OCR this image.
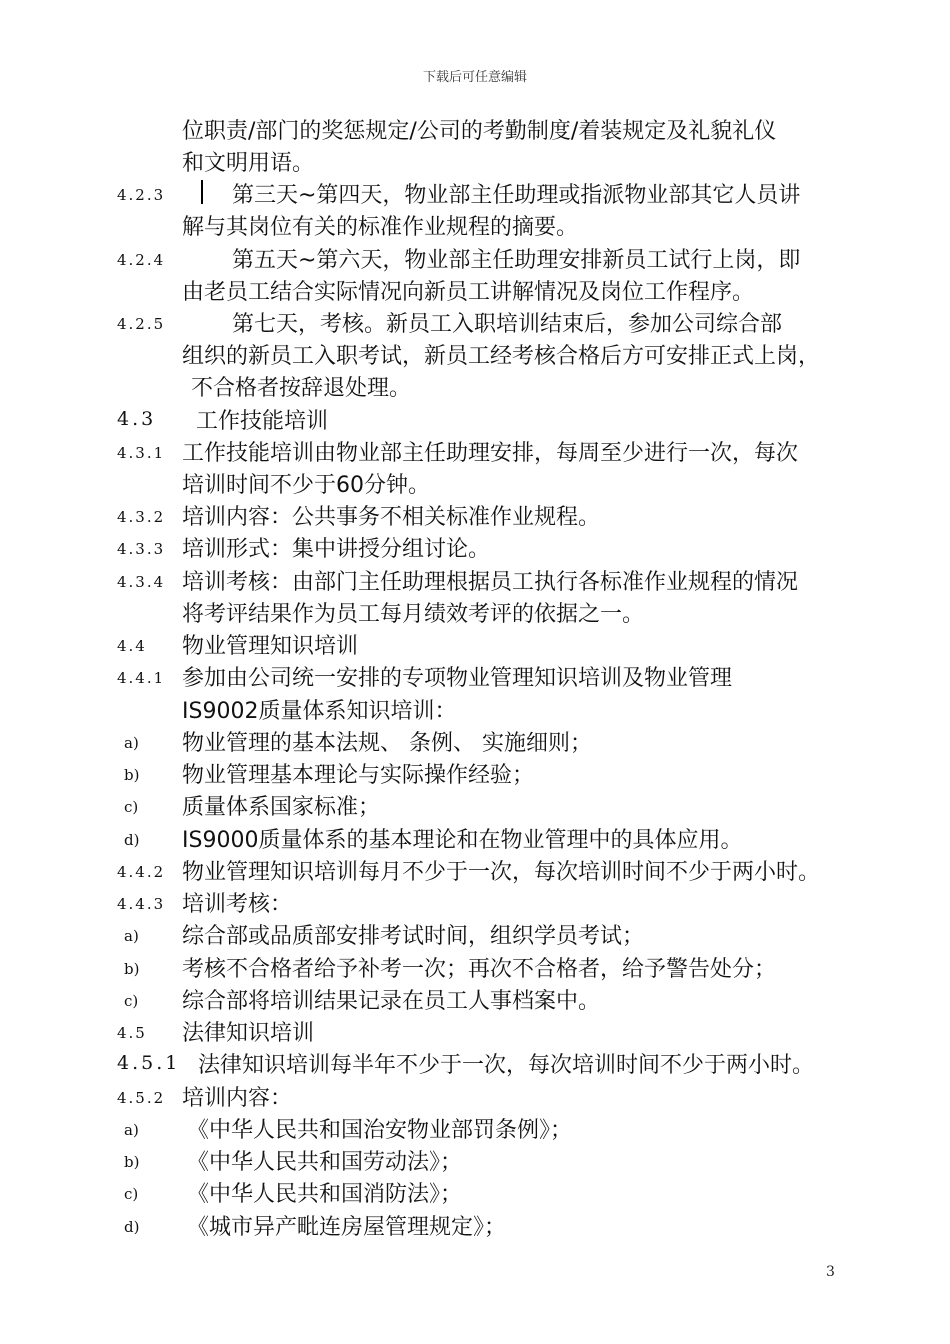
下载后可任意编辑
位职责/部门的奖惩规定/公司的考勤制度/着装规定及礼貌礼仪
和文明用语。
4.2.3	第三天~第四天，物业部主任助理或指派物业部其它人员讲
解与其岗位有关的标准作业规程的摘要。
4.2.4	第五天~第六天，物业部主任助理安排新员工试行上岗，即
由老员工结合实际情况向新员工讲解情况及岗位工作程序。
4.2.5	第七天，考核。新员工入职培训结束后，参加公司综合部
组织的新员工入职考试，新员工经考核合格后方可安排正式上岗，
不合格者按辞退处理。
4.3 工作技能培训
4.3.1 工作技能培训由物业部主任助理安排，每周至少进行一次，每次
培训时间不少于60分钟。
4.3.2 培训内容：公共事务不相关标准作业规程。
4.3.3 培训形式：集中讲授分组讨论。
4.3.4 培训考核：由部门主任助理根据员工执行各标准作业规程的情况
将考评结果作为员工每月绩效考评的依据之一。
4.4 物业管理知识培训
4.4.1 参加由公司统一安排的专项物业管理知识培训及物业管理
IS9002质量体系知识培训：
a) 物业管理的基本法规、 条例、 实施细则；
b) 物业管理基本理论与实际操作经验；
c) 质量体系国家标准；
d) IS9000质量体系的基本理论和在物业管理中的具体应用。
4.4.2 物业管理知识培训每月不少于一次，每次培训时间不少于两小时。
4.4.3 培训考核：
a) 综合部或品质部安排考试时间，组织学员考试；
b) 考核不合格者给予补考一次；再次不合格者，给予警告处分；
c) 综合部将培训结果记录在员工人事档案中。
4.5 法律知识培训
4.5.1 法律知识培训每半年不少于一次，每次培训时间不少于两小时。
4.5.2 培训内容：
a) 《中华人民共和国治安物业部罚条例》；
b) 《中华人民共和国劳动法》；
c) 《中华人民共和国消防法》；
d) 《城市异产毗连房屋管理规定》；
3
